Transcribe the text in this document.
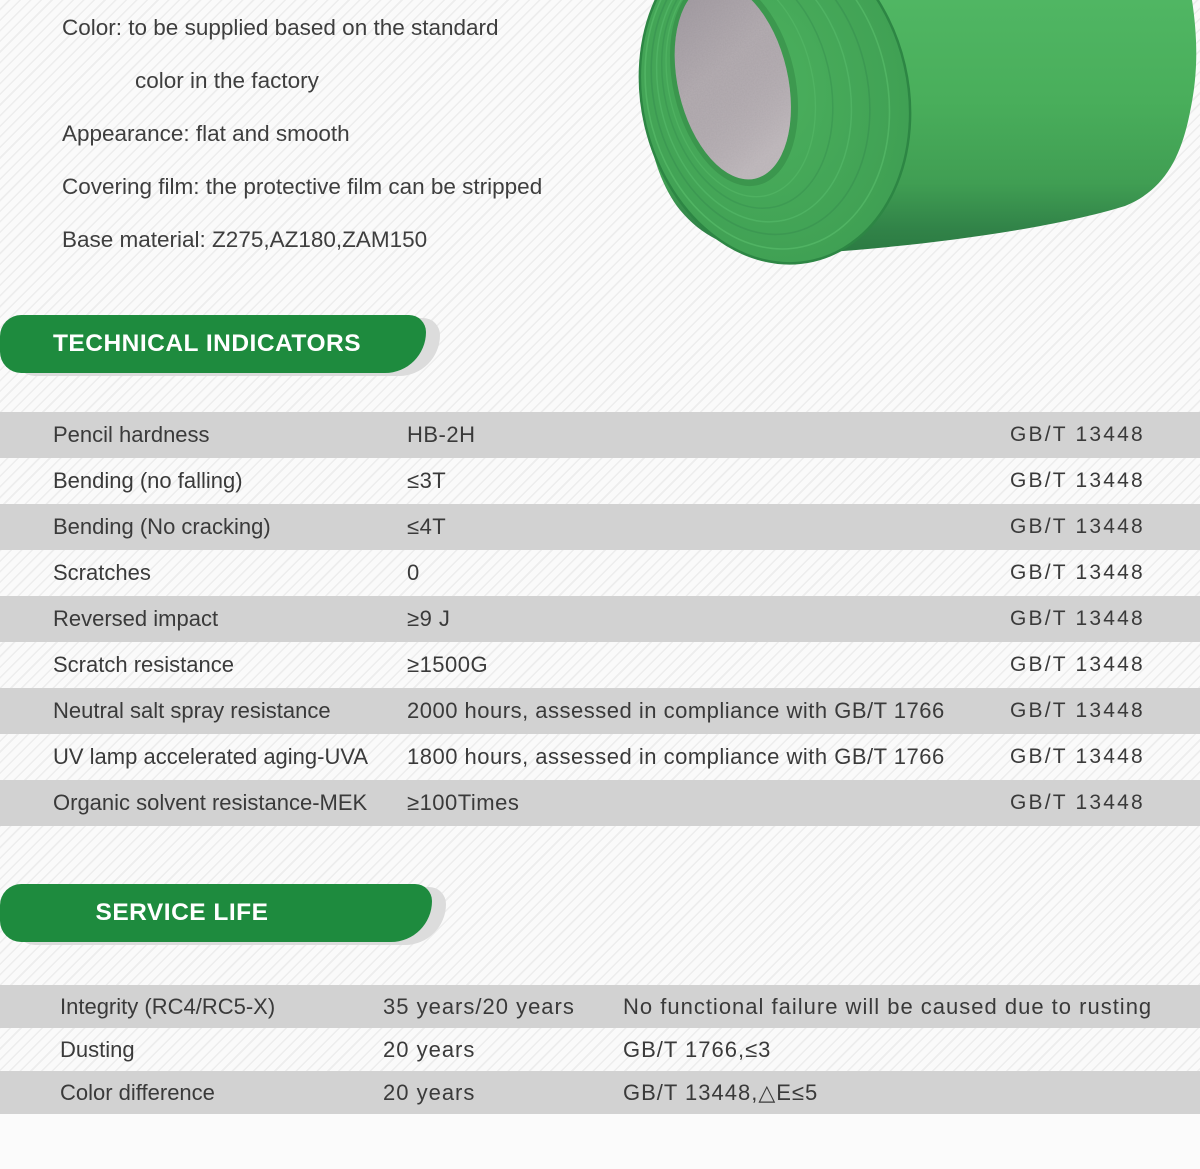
Color: to be supplied based on the standard
color in the factory
Appearance: flat and smooth
Covering film: the protective film can be stripped
Base material: Z275,AZ180,ZAM150
TECHNICAL INDICATORS
Pencil hardness	HB-2H	GB/T 13448
Bending (no falling)	≤3T	GB/T 13448
Bending (No cracking)	≤4T	GB/T 13448
Scratches	0	GB/T 13448
Reversed impact	≥9 J	GB/T 13448
Scratch resistance	≥1500G	GB/T 13448
Neutral salt spray resistance	2000 hours, assessed in compliance with GB/T 1766	GB/T 13448
UV lamp accelerated aging-UVA	1800 hours, assessed in compliance with GB/T 1766	GB/T 13448
Organic solvent resistance-MEK	≥100Times	GB/T 13448
SERVICE LIFE
Integrity (RC4/RC5-X)	35 years/20 years	No functional failure will be caused due to rusting
Dusting	20 years	GB/T 1766,≤3
Color difference	20 years	GB/T 13448,△E≤5
